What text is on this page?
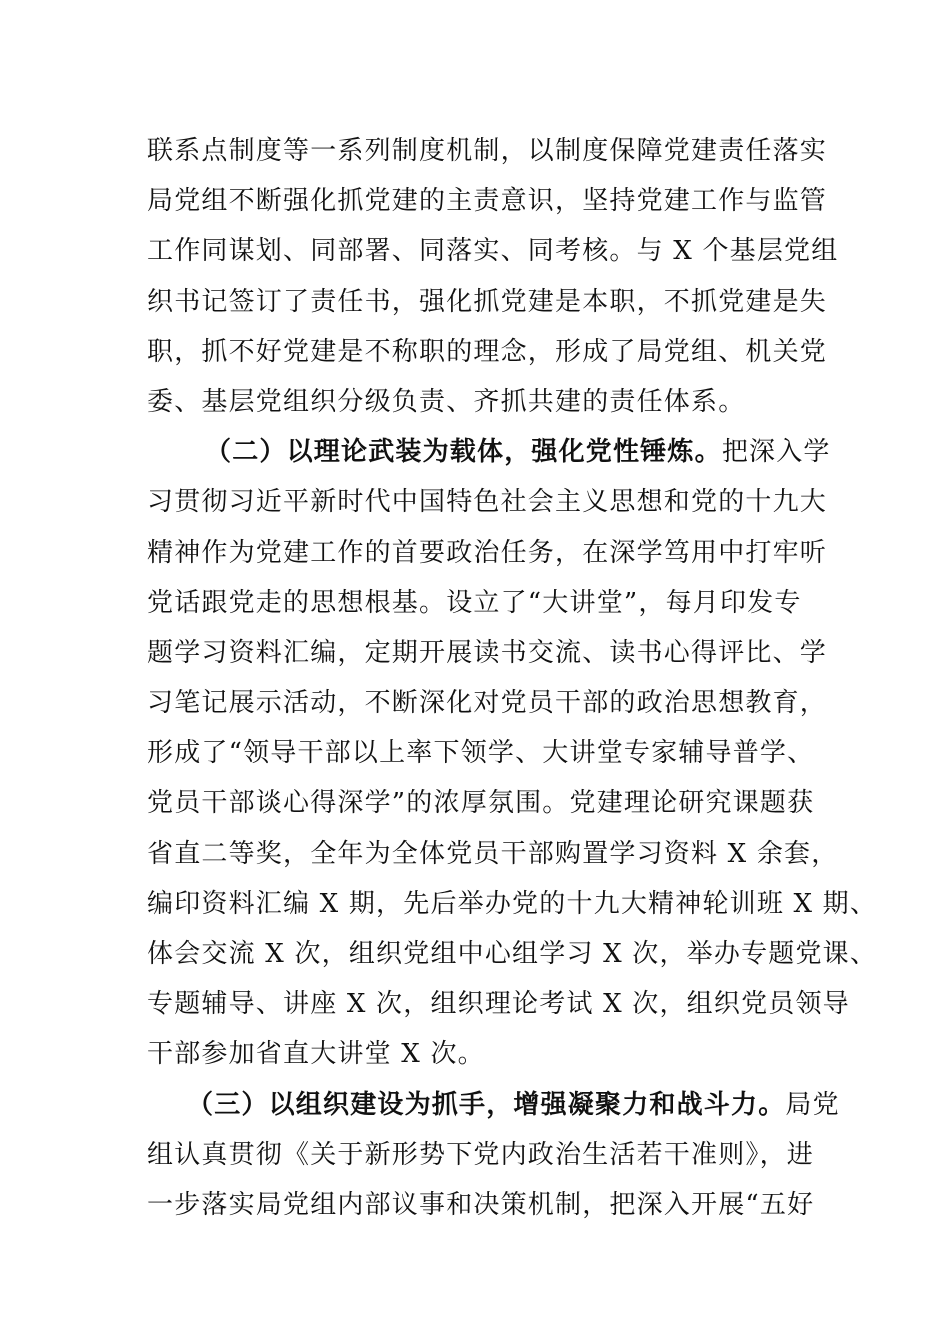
联系点制度等一系列制度机制，以制度保障党建责任落实
局党组不断强化抓党建的主责意识，坚持党建工作与监管
工作同谋划、同部署、同落实、同考核。与 X 个基层党组
织书记签订了责任书，强化抓党建是本职，不抓党建是失
职，抓不好党建是不称职的理念，形成了局党组、机关党
委、基层党组织分级负责、齐抓共建的责任体系。
（二）以理论武装为载体，强化党性锤炼。把深入学
习贯彻习近平新时代中国特色社会主义思想和党的十九大
精神作为党建工作的首要政治任务，在深学笃用中打牢听
党话跟党走的思想根基。设立了“大讲堂”，每月印发专
题学习资料汇编，定期开展读书交流、读书心得评比、学
习笔记展示活动，不断深化对党员干部的政治思想教育，
形成了“领导干部以上率下领学、大讲堂专家辅导普学、
党员干部谈心得深学”的浓厚氛围。党建理论研究课题获
省直二等奖，全年为全体党员干部购置学习资料 X 余套，
编印资料汇编 X 期，先后举办党的十九大精神轮训班 X 期、
体会交流 X 次，组织党组中心组学习 X 次，举办专题党课、
专题辅导、讲座 X 次，组织理论考试 X 次，组织党员领导
干部参加省直大讲堂 X 次。
（三）以组织建设为抓手，增强凝聚力和战斗力。局党
组认真贯彻《关于新形势下党内政治生活若干准则》，进
一步落实局党组内部议事和决策机制，把深入开展“五好
